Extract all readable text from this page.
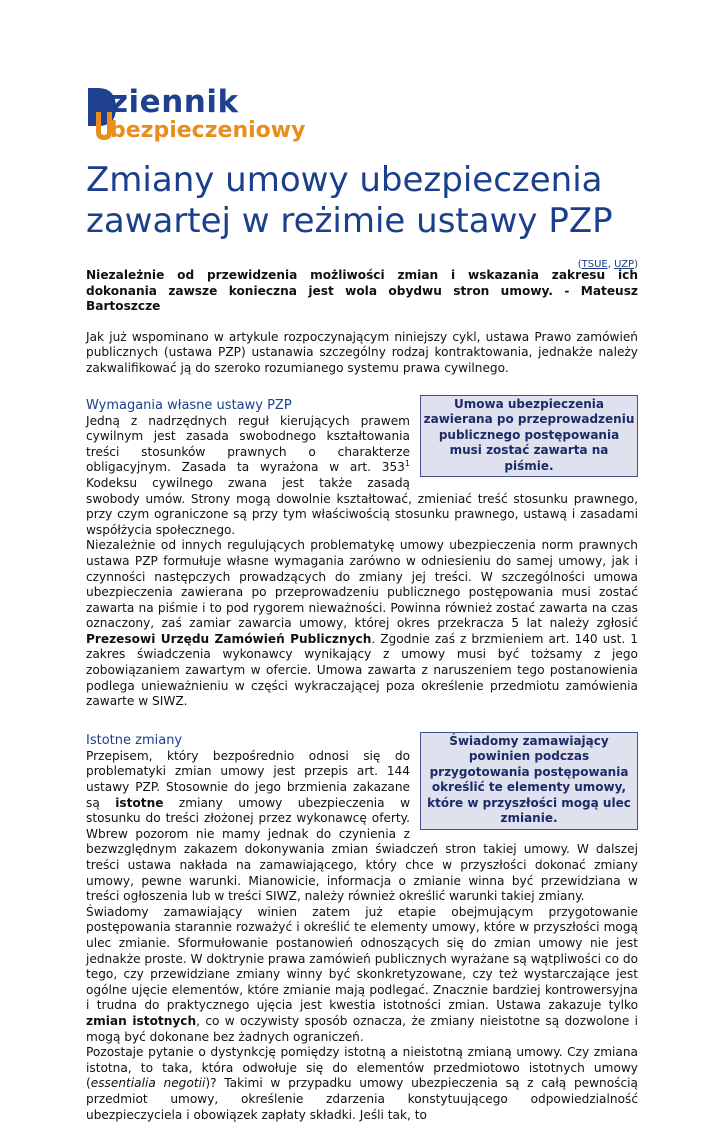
ziennik
bezpieczeniowy
Zmiany umowy ubezpieczenia zawartej w reżimie ustawy PZP
(TSUE, UZP)

Niezależnie od przewidzenia możliwości zmian i wskazania zakresu ich dokonania zawsze konieczna jest wola obydwu stron umowy. - Mateusz Bartoszcze

Jak już wspominano w artykule rozpoczynającym niniejszy cykl, ustawa Prawo zamówień publicznych (ustawa PZP) ustanawia szczególny rodzaj kontraktowania, jednakże należy zakwalifikować ją do szeroko rozumianego systemu prawa cywilnego.

Umowa ubezpieczenia zawierana po przeprowadzeniu publicznego postępowania musi zostać zawarta na piśmie.
Wymagania własne ustawy PZP

Jedną z nadrzędnych reguł kierujących prawem cywilnym jest zasada swobodnego kształtowania treści stosunków prawnych o charakterze obligacyjnym. Zasada ta wyrażona w art. $353^1$ Kodeksu cywilnego zwana jest także zasadą swobody umów. Strony mogą dowolnie kształtować, zmieniać treść stosunku prawnego, przy czym ograniczone są przy tym właściwością stosunku prawnego, ustawą i zasadami współżycia społecznego.

Niezależnie od innych regulujących problematykę umowy ubezpieczenia norm prawnych ustawa PZP formułuje własne wymagania zarówno w odniesieniu do samej umowy, jak i czynności następczych prowadzących do zmiany jej treści. W szczególności umowa ubezpieczenia zawierana po przeprowadzeniu publicznego postępowania musi zostać zawarta na piśmie i to pod rygorem nieważności. Powinna również zostać zawarta na czas oznaczony, zaś zamiar zawarcia umowy, której okres przekracza 5 lat należy zgłosić Prezesowi Urzędu Zamówień Publicznych. Zgodnie zaś z brzmieniem art. 140 ust. 1 zakres świadczenia wykonawcy wynikający z umowy musi być tożsamy z jego zobowiązaniem zawartym w ofercie. Umowa zawarta z naruszeniem tego postanowienia podlega unieważnieniu w części wykraczającej poza określenie przedmiotu zamówienia zawarte w SIWZ.

Świadomy zamawiający powinien podczas przygotowania postępowania określić te elementy umowy, które w przyszłości mogą ulec zmianie.
Istotne zmiany

Przepisem, który bezpośrednio odnosi się do problematyki zmian umowy jest przepis art. 144 ustawy PZP. Stosownie do jego brzmienia zakazane są istotne zmiany umowy ubezpieczenia w stosunku do treści złożonej przez wykonawcę oferty. Wbrew pozorom nie mamy jednak do czynienia z bezwzględnym zakazem dokonywania zmian świadczeń stron takiej umowy. W dalszej treści ustawa nakłada na zamawiającego, który chce w przyszłości dokonać zmiany umowy, pewne warunki. Mianowicie, informacja o zmianie winna być przewidziana w treści ogłoszenia lub w treści SIWZ, należy również określić warunki takiej zmiany.

Świadomy zamawiający winien zatem już etapie obejmującym przygotowanie postępowania starannie rozważyć i określić te elementy umowy, które w przyszłości mogą ulec zmianie. Sformułowanie postanowień odnoszących się do zmian umowy nie jest jednakże proste. W doktrynie prawa zamówień publicznych wyrażane są wątpliwości co do tego, czy przewidziane zmiany winny być skonkretyzowane, czy też wystarczające jest ogólne ujęcie elementów, które zmianie mają podlegać. Znacznie bardziej kontrowersyjna i trudna do praktycznego ujęcia jest kwestia istotności zmian. Ustawa zakazuje tylko zmian istotnych, co w oczywisty sposób oznacza, że zmiany nieistotne są dozwolone i mogą być dokonane bez żadnych ograniczeń.

Pozostaje pytanie o dystynkcję pomiędzy istotną a nieistotną zmianą umowy. Czy zmiana istotna, to taka, która odwołuje się do elementów przedmiotowo istotnych umowy (essentialia negotii)? Takimi w przypadku umowy ubezpieczenia są z całą pewnością przedmiot umowy, określenie zdarzenia konstytuującego odpowiedzialność ubezpieczyciela i obowiązek zapłaty składki. Jeśli tak, to
